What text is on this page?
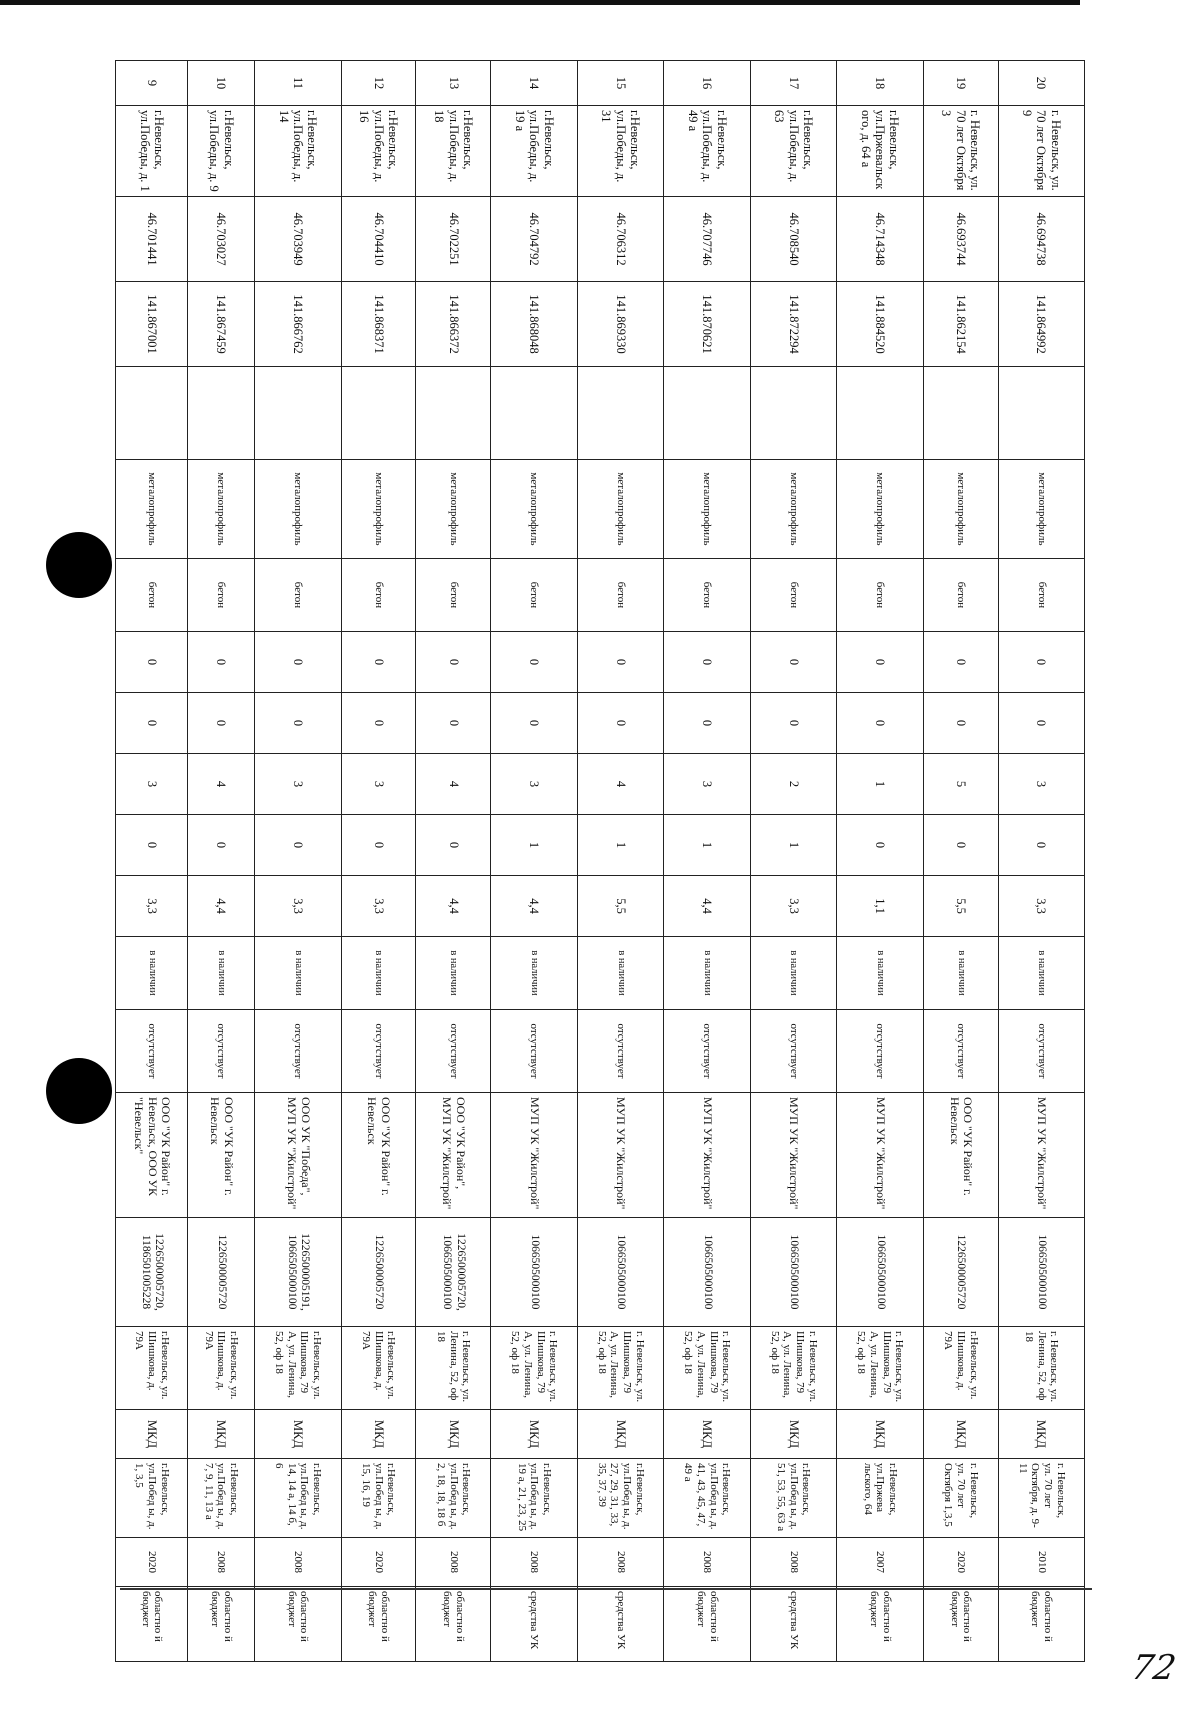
20	г. Невельск, ул. 70 лет Октября 9	46.694738	141.864992		металопрофиль	бетон	0	0	3	0	3,3	в наличии	отсутствует	МУП УК "Жилстрой"	1066505000100	г. Невельск, ул. Ленина, 52, оф 18	МКД	г. Невельск, ул. 70 лет Октября, д. 9-11	2010	областно й бюджет
19	г. Невельск, ул. 70 лет Октября 3	46.693744	141.862154		металопрофиль	бетон	0	0	5	0	5,5	в наличии	отсутствует	ООО "УК Район" г. Невельск	1226500005720	г.Невельск, ул. Шишкова, д. 79А	МКД	г. Невельск, ул. 70 лет Октября 1,3,5	2020	областно й бюджет
18	г.Невельск, ул.Пржевальского, д. 64 а	46.714348	141.884520		металопрофиль	бетон	0	0	1	0	1,1	в наличии	отсутствует	МУП УК "Жилстрой"	1066505000100	г. Невельск, ул. Шишкова, 79 А, ул. Ленина, 52, оф 18	МКД	г.Невельск, ул.Пржева льского, 64	2007	областно й бюджет
17	г.Невельск, ул.Победы, д. 63	46.708540	141.872294		металопрофиль	бетон	0	0	2	1	3,3	в наличии	отсутствует	МУП УК "Жилстрой"	1066505000100	г. Невельск, ул. Шишкова, 79 А, ул. Ленина, 52, оф 18	МКД	г.Невельск, ул.Побед ы, д. 51, 53, 55, 63 а	2008	средства УК
16	г.Невельск, ул.Победы, д. 49 а	46.707746	141.870621		металопрофиль	бетон	0	0	3	1	4,4	в наличии	отсутствует	МУП УК "Жилстрой"	1066505000100	г. Невельск, ул. Шишкова, 79 А, ул. Ленина, 52, оф 18	МКД	г.Невельск, ул.Побед ы, д. 41, 43, 45, 47, 49 а	2008	областно й бюджет
15	г.Невельск, ул.Победы, д. 31	46.706312	141.869330		металопрофиль	бетон	0	0	4	1	5,5	в наличии	отсутствует	МУП УК "Жилстрой"	1066505000100	г. Невельск, ул. Шишкова, 79 А, ул. Ленина, 52, оф 18	МКД	г.Невельск, ул.Побед ы, д. 27, 29, 31, 33, 35, 37, 39	2008	средства УК
14	г.Невельск, ул.Победы, д. 19 а	46.704792	141.868048		металопрофиль	бетон	0	0	3	1	4,4	в наличии	отсутствует	МУП УК "Жилстрой"	1066505000100	г. Невельск, ул. Шишкова, 79 А, ул. Ленина, 52, оф 18	МКД	г.Невельск, ул.Побед ы, д. 19 а, 21, 23, 25	2008	средства УК
13	г.Невельск, ул.Победы, д. 18	46.702251	141.866372		металопрофиль	бетон	0	0	4	0	4,4	в наличии	отсутствует	ООО "УК Район", МУП УК "Жилстрой"	1226500005720, 1066505000100	г. Невельск, ул. Ленина, 52, оф 18	МКД	г.Невельск, ул.Побед ы, д. 2, 18, 18, 18 б	2008	областно й бюджет
12	г.Невельск, ул.Победы, д. 16	46.704410	141.868371		металопрофиль	бетон	0	0	3	0	3,3	в наличии	отсутствует	ООО "УК Район" г. Невельск	1226500005720	г.Невельск, ул. Шишкова, д. 79А	МКД	г.Невельск, ул.Побед ы, д. 15, 16, 19	2020	областно й бюджет
11	г.Невельск, ул.Победы, д. 14	46.703949	141.866762		металопрофиль	бетон	0	0	3	0	3,3	в наличии	отсутствует	ООО УК "Победа", МУП УК "Жилстрой"	1226500005191, 1066505000100	г.Невельск, ул. Шишкова, 79 А, ул. Ленина, 52, оф 18	МКД	г.Невельск, ул.Побед ы, д. 14, 14 а, 14 б, 6	2008	областно й бюджет
10	г.Невельск, ул.Победы, д. 9	46.703027	141.867459		металопрофиль	бетон	0	0	4	0	4,4	в наличии	отсутствует	ООО "УК Район" г. Невельск	1226500005720	г.Невельск, ул. Шишкова, д. 79А	МКД	г.Невельск, ул.Побед ы, д. 7, 9, 11, 13 а	2008	областно й бюджет
9	г.Невельск, ул.Победы, д. 1	46.701441	141.867001		металопрофиль	бетон	0	0	3	0	3,3	в наличии	отсутствует	ООО "УК Район" г. Невельск, ООО УК "Невельск"	1226500005720, 1186501005228	г.Невельск, ул. Шишкова, д. 79А	МКД	г.Невельск, ул.Побед ы, д. 1, 3,5	2020	областно й бюджет
72
